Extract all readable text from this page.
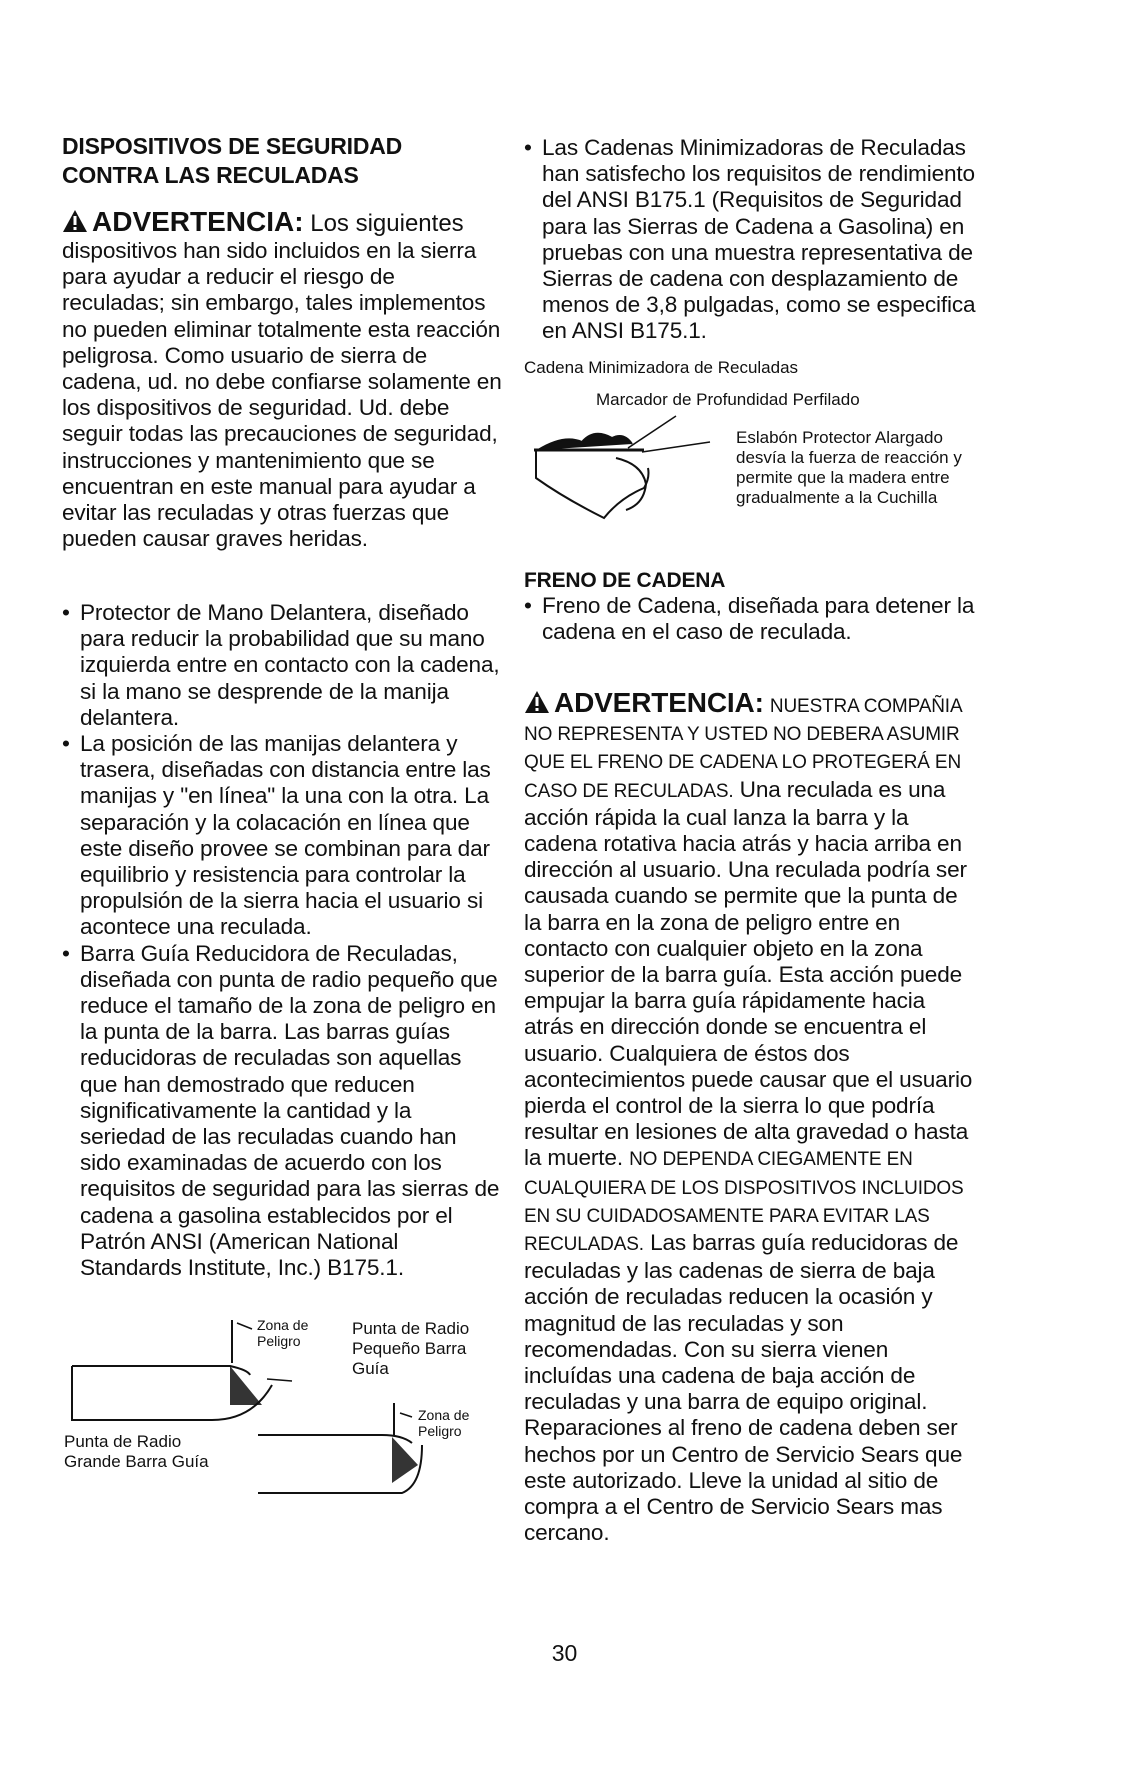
DISPOSITIVOS DE SEGURIDAD
CONTRA LAS RECULADAS
ADVERTENCIA: Los siguientes
dispositivos han sido incluidos en la sierra para ayudar a reducir el riesgo de reculadas; sin embargo, tales implementos no pueden eliminar totalmente esta reacción peligrosa. Como usuario de sierra de cadena, ud. no debe confiarse solamente en los dispositivos de seguridad. Ud. debe seguir todas las precauciones de seguridad, instrucciones y mantenimiento que se encuentran en este manual para ayudar a evitar las reculadas y otras fuerzas que pueden causar graves heridas.
• Protector de Mano Delantera, diseñado para reducir la probabilidad que su mano izquierda entre en contacto con la cadena, si la mano se desprende de la manija delantera.
• La posición de las manijas delantera y trasera, diseñadas con distancia entre las manijas y "en línea" la una con la otra. La separación y la colacación en línea que este diseño provee se combinan para dar equilibrio y resistencia para controlar la propulsión de la sierra hacia el usuario si acontece una reculada.
• Barra Guía Reducidora de Reculadas, diseñada con punta de radio pequeño que reduce el tamaño de la zona de peligro en la punta de la barra. Las barras guías reducidoras de reculadas son aquellas que han demostrado que reducen significativamente la cantidad y la seriedad de las reculadas cuando han sido examinadas de acuerdo con los requisitos de seguridad para las sierras de cadena a gasolina establecidos por el Patrón ANSI (American National Standards Institute, Inc.) B175.1.
Zona de Peligro
Punta de Radio Pequeño Barra Guía
Zona de Peligro
Punta de Radio Grande Barra Guía
• Las Cadenas Minimizadoras de Reculadas han satisfecho los requisitos de rendimiento del ANSI B175.1 (Requisitos de Seguridad para las Sierras de Cadena a Gasolina) en pruebas con una muestra representativa de Sierras de cadena con desplazamiento de menos de 3,8 pulgadas, como se especifica en ANSI B175.1.
Cadena Minimizadora de Reculadas
Marcador de Profundidad Perfilado
Eslabón Protector Alargado desvía la fuerza de reacción y permite que la madera entre gradualmente a la Cuchilla
FRENO DE CADENA
• Freno de Cadena, diseñada para detener la cadena en el caso de reculada.
ADVERTENCIA: NUESTRA COMPAÑIA NO REPRESENTA Y USTED NO DEBERA ASUMIR QUE EL FRENO DE CADENA LO PROTEGERÁ EN CASO DE RECULADAS. Una reculada es una acción rápida la cual lanza la barra y la cadena rotativa hacia atrás y hacia arriba en dirección al usuario. Una reculada podría ser causada cuando se permite que la punta de la barra en la zona de peligro entre en contacto con cualquier objeto en la zona superior de la barra guía. Esta acción puede empujar la barra guía rápidamente hacia atrás en dirección donde se encuentra el usuario. Cualquiera de éstos dos acontecimientos puede causar que el usuario pierda el control de la sierra lo que podría resultar en lesiones de alta gravedad o hasta la muerte. NO DEPENDA CIEGAMENTE EN CUALQUIERA DE LOS DISPOSITIVOS INCLUIDOS EN SU CUIDADOSAMENTE PARA EVITAR LAS RECULADAS. Las barras guía reducidoras de reculadas y las cadenas de sierra de baja acción de reculadas reducen la ocasión y magnitud de las reculadas y son recomendadas. Con su sierra vienen incluídas una cadena de baja acción de reculadas y una barra de equipo original. Reparaciones al freno de cadena deben ser hechos por un Centro de Servicio Sears que este autorizado. Lleve la unidad al sitio de compra a el Centro de Servicio Sears mas cercano.
30
